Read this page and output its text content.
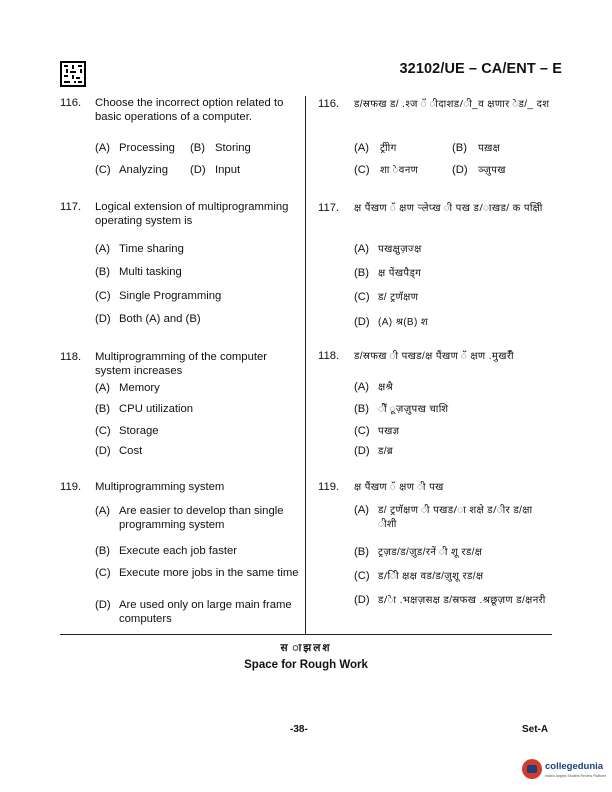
32102/UE – CA/ENT – E
116. Choose the incorrect option related to basic operations of a computer.
(A) Processing (B) Storing
(C) Analyzing (D) Input
117. Logical extension of multiprogramming operating system is
(A) Time sharing
(B) Multi tasking
(C) Single Programming
(D) Both (A) and (B)
118. Multiprogramming of the computer system increases
(A) Memory
(B) CPU utilization
(C) Storage
(D) Cost
119. Multiprogramming system
(A) Are easier to develop than single programming system
(B) Execute each job faster
(C) Execute more jobs in the same time
(D) Are used only on large main frame computers
116. ड/स्रफख ड/ .श्ज ॅ ीदाशड/ी_व क्षणार ेड/_ दश
(A) ट्रीोग	(B) पख़क्ष
(C) शा ेवनण	(D) ञ्ज़ुपख
117. क्ष पैंखण ॅ क्षण ऱ्लेप्ख ी पख ड/ाखड/ क पक्षिी
(A) पखक्षुज़ज्क्ष
(B) क्ष पेंखपैड्ग
(C) ड/ ट्रणॅक्षण
(D) (A) श्र(B) श
118. ड/स्रफख ी पखड/क्ष पैंखण ॅ क्षण .मुखरॅी
(A) क्षश्रै
(B) ीॅ ूज़ज़ुपख चाशि
(C) पखज्ञ
(D) ड/ब्र
119. क्ष पैंखण ॅ क्षण ी पख
(A) ड/ ट्रणॅक्षण ी पखड/ा शक्षे ड/ीर ड/क्षा ीशी
(B) ट्रज़ड/ड/ज़ुड/रनें ी शू रड/क्ष
(C) ड/ीि क्षक्ष वड/ड/ज़ुशू रड/क्ष
(D) ड/ेा .भक्षज़सक्ष ड/स्रफख .श्रछूज़ण ड/क्षनरी
स ाझलश
Space for Rough Work
-38-	Set-A
collegedunia
India's largest Student Review Platform
